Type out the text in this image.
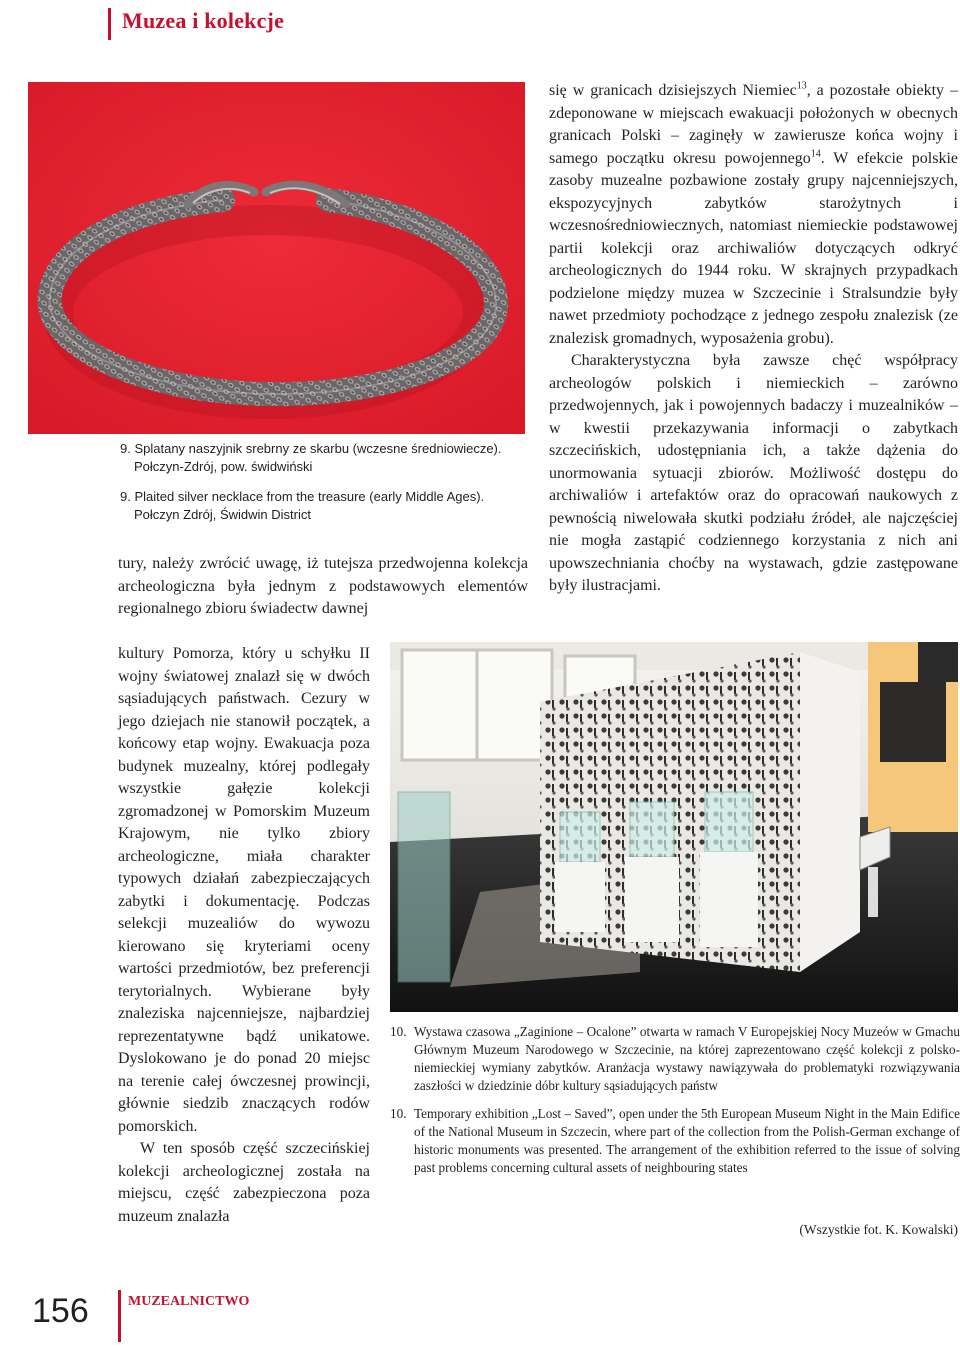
Muzea i kolekcje

9. Splatany naszyjnik srebrny ze skarbu (wczesne średniowiecze).

Połczyn-Zdrój, pow. świdwiński

9. Plaited silver necklace from the treasure (early Middle Ages).

Połczyn Zdrój, Świdwin District

tury, należy zwrócić uwagę, iż tutejsza przedwojenna kolekcja archeologiczna była jednym z podstawowych elementów regionalnego zbioru świadectw dawnej

kultury Pomorza, który u schyłku II wojny światowej znalazł się w dwóch sąsiadujących państwach. Cezury w jego dziejach nie stanowił początek, a końcowy etap wojny. Ewakuacja poza budynek muzealny, której podlegały wszystkie gałęzie kolekcji zgromadzonej w Pomorskim Muzeum Krajowym, nie tylko zbiory archeologiczne, miała charakter typowych działań zabezpieczających zabytki i dokumentację. Podczas selekcji muzealiów do wywozu kierowano się kryteriami oceny wartości przedmiotów, bez preferencji terytorialnych. Wybierane były znaleziska najcenniejsze, najbardziej reprezentatywne bądź unikatowe. Dyslokowano je do ponad 20 miejsc na terenie całej ówczesnej prowincji, głównie siedzib znaczących rodów pomorskich.

W ten sposób część szczecińskiej kolekcji archeologicznej została na miejscu, część zabezpieczona poza muzeum znalazła

się w granicach dzisiejszych Niemiec$^{13}$, a pozostałe obiekty – zdeponowane w miejscach ewakuacji położonych w obecnych granicach Polski – zaginęły w zawierusze końca wojny i samego początku okresu powojennego$^{14}$. W efekcie polskie zasoby muzealne pozbawione zostały grupy najcenniejszych, ekspozycyjnych zabytków starożytnych i wczesnośredniowiecznych, natomiast niemieckie podstawowej partii kolekcji oraz archiwaliów dotyczących odkryć archeologicznych do 1944 roku. W skrajnych przypadkach podzielone między muzea w Szczecinie i Stralsundzie były nawet przedmioty pochodzące z jednego zespołu znalezisk (ze znalezisk gromadnych, wyposażenia grobu).

Charakterystyczna była zawsze chęć współpracy archeologów polskich i niemieckich – zarówno przedwojennych, jak i powojennych badaczy i muzealników – w kwestii przekazywania informacji o zabytkach szczecińskich, udostępniania ich, a także dążenia do unormowania sytuacji zbiorów. Możliwość dostępu do archiwaliów i artefaktów oraz do opracowań naukowych z pewnością niwelowała skutki podziału źródeł, ale najczęściej nie mogła zastąpić codziennego korzystania z nich ani upowszechniania choćby na wystawach, gdzie zastępowane były ilustracjami.

10. Wystawa czasowa „Zaginione – Ocalone” otwarta w ramach V Europejskiej Nocy Muzeów w Gmachu Głównym Muzeum Narodowego w Szczecinie, na której zaprezentowano część kolekcji z polsko-niemieckiej wymiany zabytków. Aranżacja wystawy nawiązywała do problematyki rozwiązywania zaszłości w dziedzinie dóbr kultury sąsiadujących państw
10. Temporary exhibition „Lost – Saved”, open under the 5th European Museum Night in the Main Edifice of the National Museum in Szczecin, where part of the collection from the Polish-German exchange of historic monuments was presented. The arrangement of the exhibition referred to the issue of solving past problems concerning cultural assets of neighbouring states
(Wszystkie fot. K. Kowalski)
156	MUZEALNICTWO
